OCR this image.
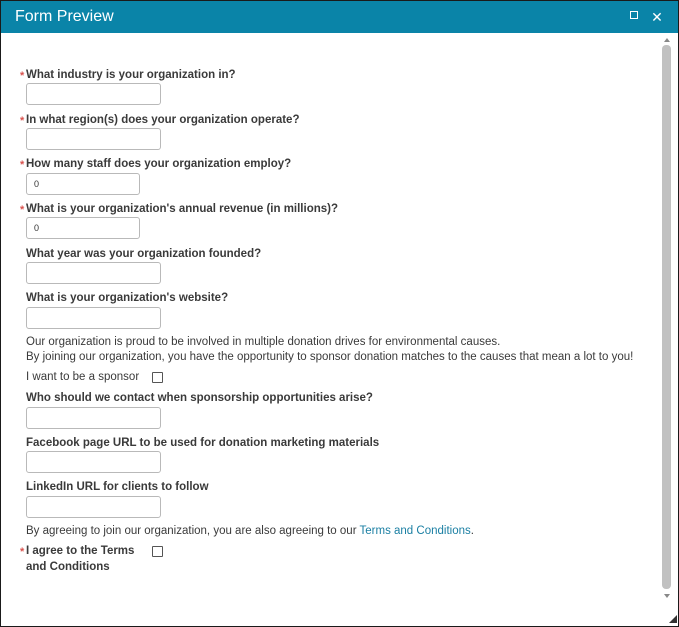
Form Preview	✕
* What industry is your organization in?
* In what region(s) does your organization operate?
* How many staff does your organization employ?
0
* What is your organization's annual revenue (in millions)?
0
What year was your organization founded?
What is your organization's website?
Our organization is proud to be involved in multiple donation drives for environmental causes.
By joining our organization, you have the opportunity to sponsor donation matches to the causes that mean a lot to you!
I want to be a sponsor
Who should we contact when sponsorship opportunities arise?
Facebook page URL to be used for donation marketing materials
LinkedIn URL for clients to follow
By agreeing to join our organization, you are also agreeing to our Terms and Conditions.
* I agree to the Terms
and Conditions
